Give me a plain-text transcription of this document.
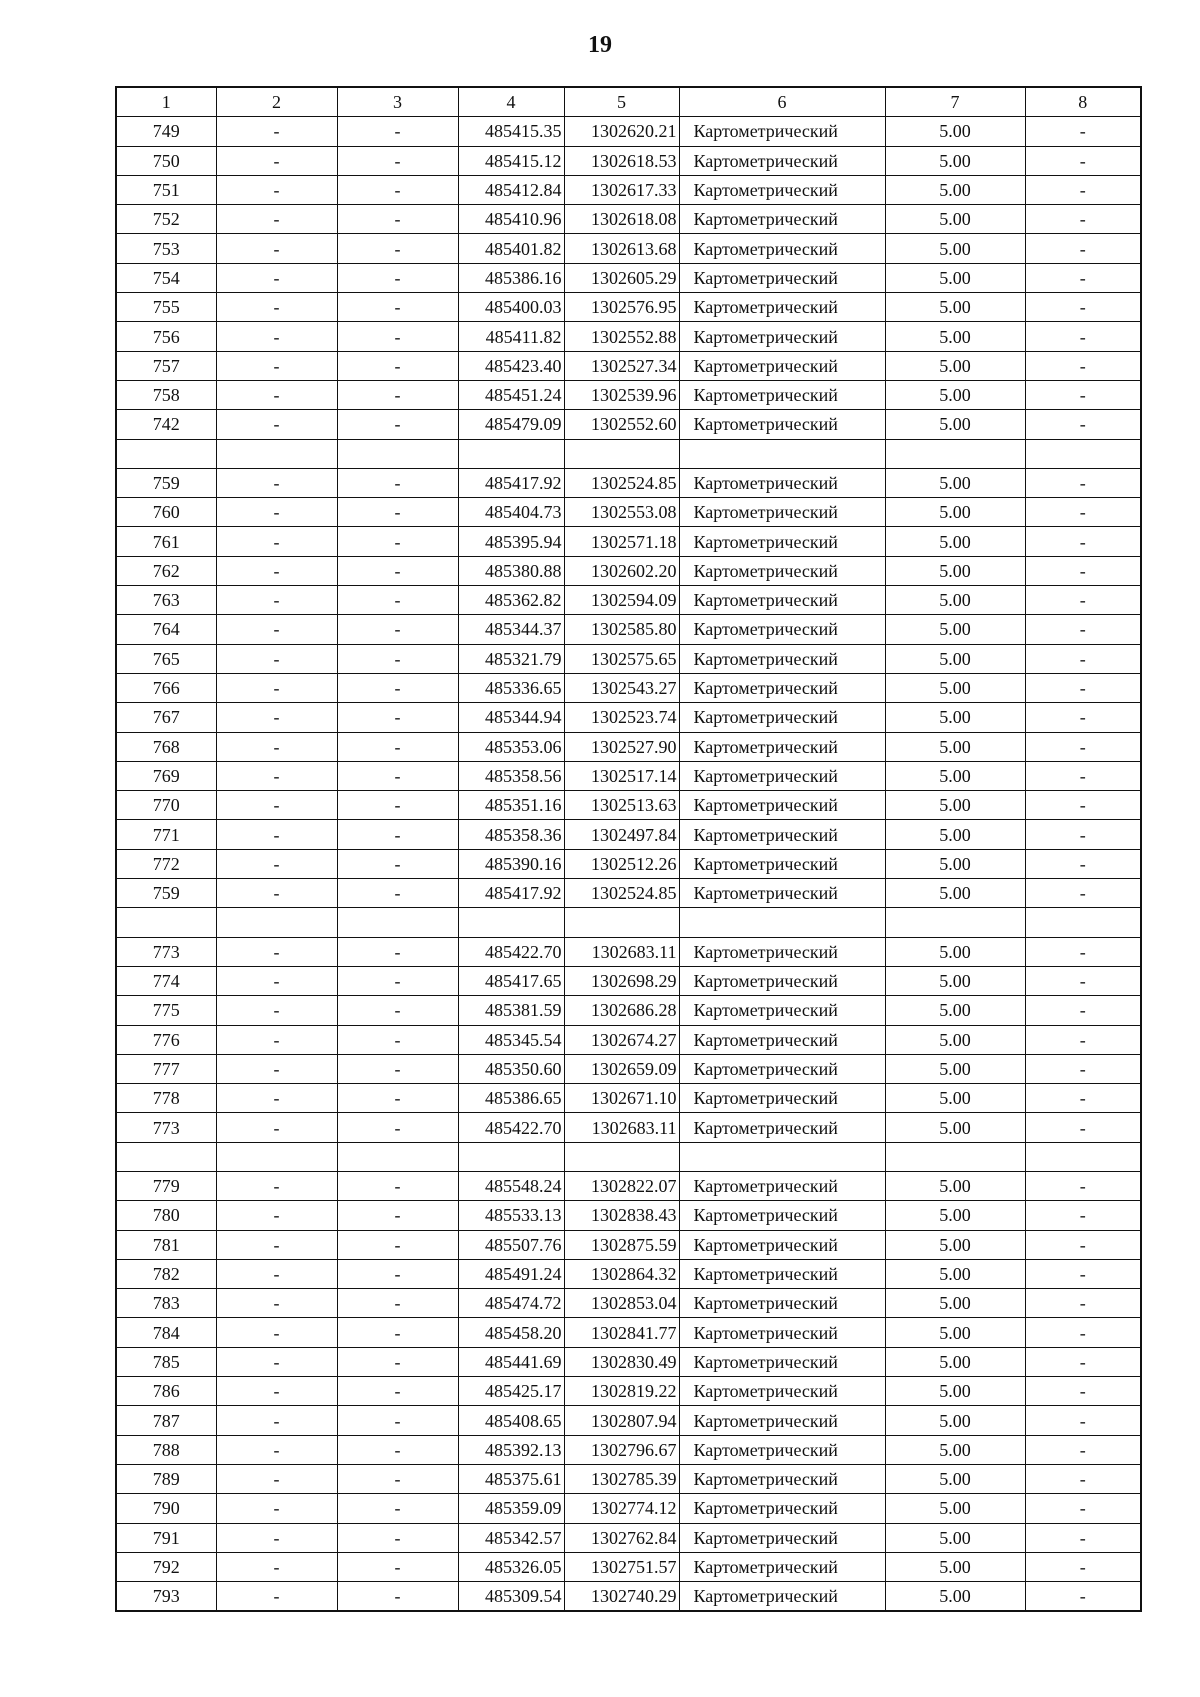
19
1	2	3	4	5	6	7	8
749	-	-	485415.35	1302620.21	Картометрический	5.00	-
750	-	-	485415.12	1302618.53	Картометрический	5.00	-
751	-	-	485412.84	1302617.33	Картометрический	5.00	-
752	-	-	485410.96	1302618.08	Картометрический	5.00	-
753	-	-	485401.82	1302613.68	Картометрический	5.00	-
754	-	-	485386.16	1302605.29	Картометрический	5.00	-
755	-	-	485400.03	1302576.95	Картометрический	5.00	-
756	-	-	485411.82	1302552.88	Картометрический	5.00	-
757	-	-	485423.40	1302527.34	Картометрический	5.00	-
758	-	-	485451.24	1302539.96	Картометрический	5.00	-
742	-	-	485479.09	1302552.60	Картометрический	5.00	-

759	-	-	485417.92	1302524.85	Картометрический	5.00	-
760	-	-	485404.73	1302553.08	Картометрический	5.00	-
761	-	-	485395.94	1302571.18	Картометрический	5.00	-
762	-	-	485380.88	1302602.20	Картометрический	5.00	-
763	-	-	485362.82	1302594.09	Картометрический	5.00	-
764	-	-	485344.37	1302585.80	Картометрический	5.00	-
765	-	-	485321.79	1302575.65	Картометрический	5.00	-
766	-	-	485336.65	1302543.27	Картометрический	5.00	-
767	-	-	485344.94	1302523.74	Картометрический	5.00	-
768	-	-	485353.06	1302527.90	Картометрический	5.00	-
769	-	-	485358.56	1302517.14	Картометрический	5.00	-
770	-	-	485351.16	1302513.63	Картометрический	5.00	-
771	-	-	485358.36	1302497.84	Картометрический	5.00	-
772	-	-	485390.16	1302512.26	Картометрический	5.00	-
759	-	-	485417.92	1302524.85	Картометрический	5.00	-

773	-	-	485422.70	1302683.11	Картометрический	5.00	-
774	-	-	485417.65	1302698.29	Картометрический	5.00	-
775	-	-	485381.59	1302686.28	Картометрический	5.00	-
776	-	-	485345.54	1302674.27	Картометрический	5.00	-
777	-	-	485350.60	1302659.09	Картометрический	5.00	-
778	-	-	485386.65	1302671.10	Картометрический	5.00	-
773	-	-	485422.70	1302683.11	Картометрический	5.00	-

779	-	-	485548.24	1302822.07	Картометрический	5.00	-
780	-	-	485533.13	1302838.43	Картометрический	5.00	-
781	-	-	485507.76	1302875.59	Картометрический	5.00	-
782	-	-	485491.24	1302864.32	Картометрический	5.00	-
783	-	-	485474.72	1302853.04	Картометрический	5.00	-
784	-	-	485458.20	1302841.77	Картометрический	5.00	-
785	-	-	485441.69	1302830.49	Картометрический	5.00	-
786	-	-	485425.17	1302819.22	Картометрический	5.00	-
787	-	-	485408.65	1302807.94	Картометрический	5.00	-
788	-	-	485392.13	1302796.67	Картометрический	5.00	-
789	-	-	485375.61	1302785.39	Картометрический	5.00	-
790	-	-	485359.09	1302774.12	Картометрический	5.00	-
791	-	-	485342.57	1302762.84	Картометрический	5.00	-
792	-	-	485326.05	1302751.57	Картометрический	5.00	-
793	-	-	485309.54	1302740.29	Картометрический	5.00	-
